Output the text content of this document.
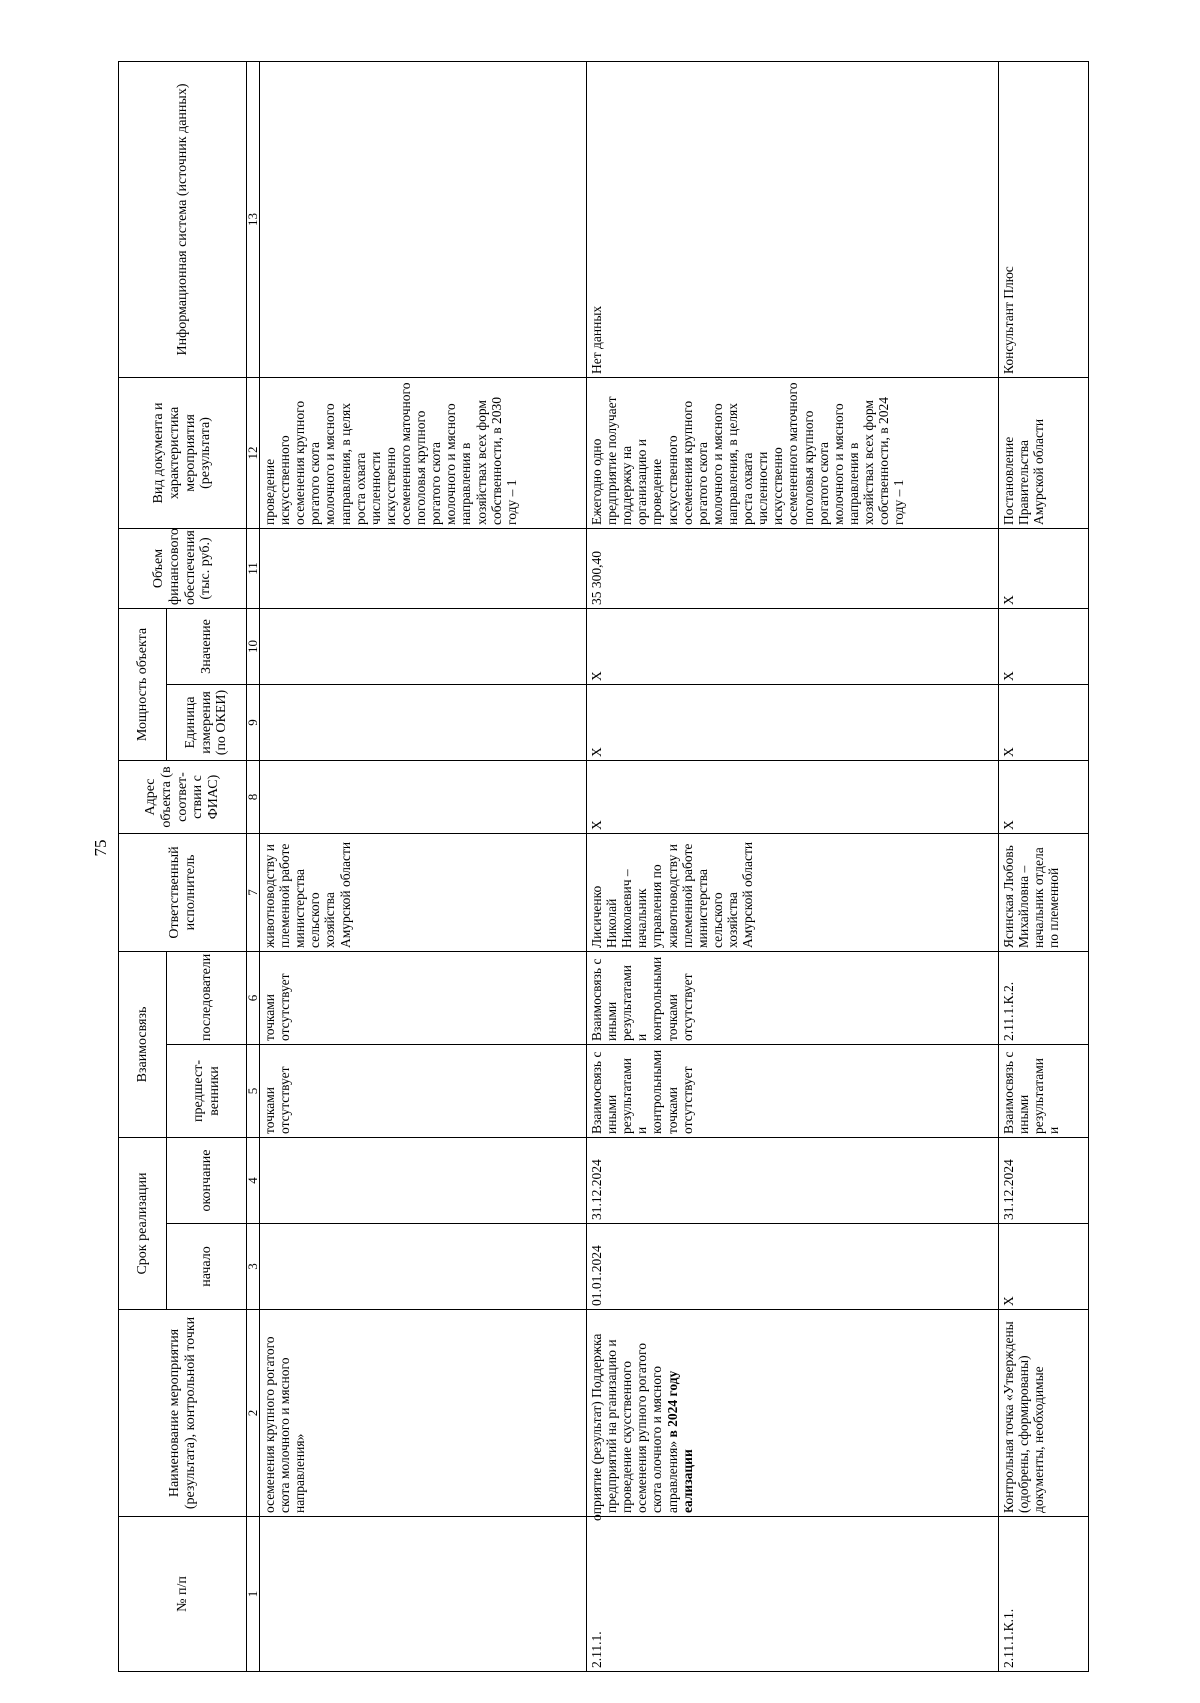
75
№ п/п	Наименование мероприятия (результата), контрольной точки	Срок реализации		Взаимосвязь		Ответственный исполнитель	Адрес объекта (в соответ-ствии с ФИАС)	Мощность объекта		Объем финансового обеспечения (тыс. руб.)	Вид документа и характеристика мероприятия (результата)	Информационная система (источник данных)
		начало	окончание	предшест-венники	последователи			Единица измерения (по ОКЕИ)	Значение			
1	2	3	4	5	6	7	8	9	10	11	12	13
	осеменения крупного рогатого скота молочного и мясного направления»			точками отсутствует	точками отсутствует	животноводству и племенной работе министерства сельского хозяйства Амурской области					проведение искусственного осеменения крупного рогатого скота молочного и мясного направления, в целях роста охвата численности искусственно осемененного маточного поголовья крупного рогатого скота молочного и мясного направления в хозяйствах всех форм собственности, в 2030 году – 1	
2.11.1.	оприятие (результат) Поддержка предприятий на рганизацию и проведение скусственного осеменения рупного рогатого скота олочного и мясного аправления» в 2024 году еализации	01.01.2024	31.12.2024	Взаимосвязь с иными результатами и контрольными точками отсутствует	Взаимосвязь с иными результатами и контрольными точками отсутствует	Лисиченко Николай Николаевич – начальник управления по животноводству и племенной работе министерства сельского хозяйства Амурской области	X	X	X	35 300,40	Ежегодно одно предприятие получает поддержку на организацию и проведение искусственного осеменения крупного рогатого скота молочного и мясного направления, в целях роста охвата численности искусственно осемененного маточного поголовья крупного рогатого скота молочного и мясного направления в хозяйствах всех форм собственности, в 2024 году – 1	Нет данных
2.11.1.К.1.	Контрольная точка «Утверждены (одобрены, сформированы) документы, необходимые	X	31.12.2024	Взаимосвязь с иными результатами и	2.11.1.К.2.	Ясинская Любовь Михайловна – начальник отдела по племенной	X	X	X	X	Постановление Правительства Амурской области	Консультант Плюс
